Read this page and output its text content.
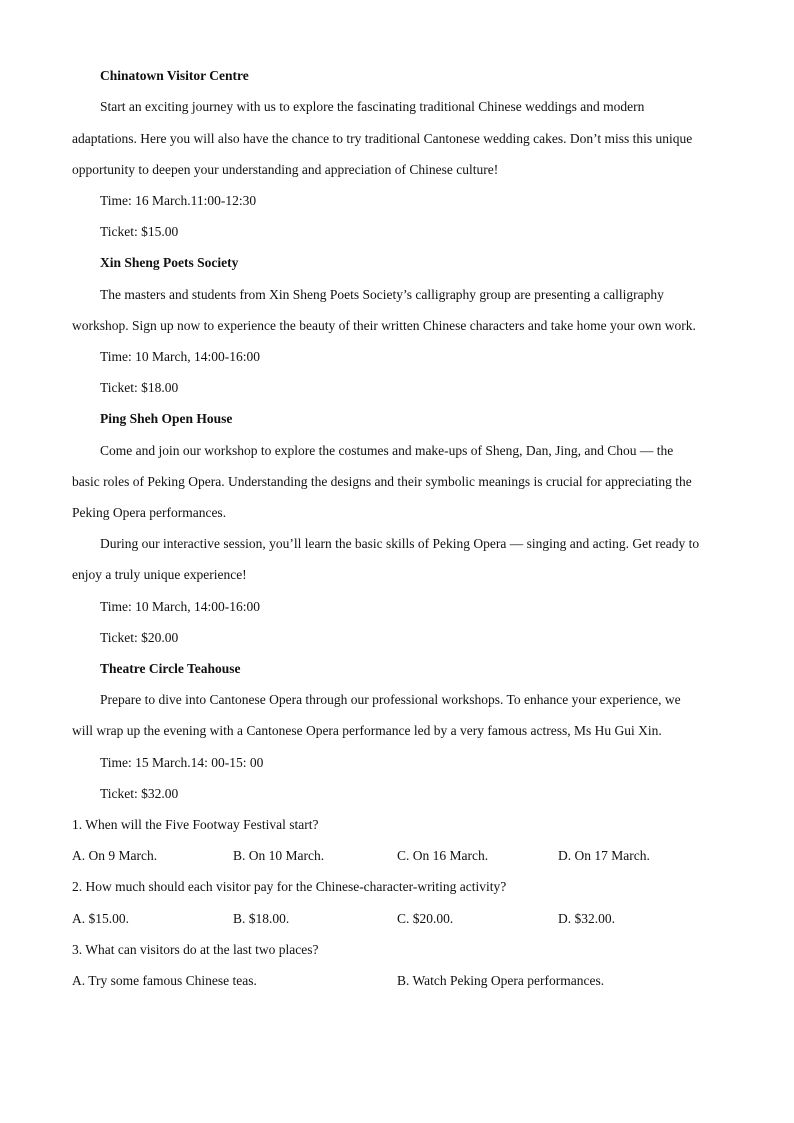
Chinatown Visitor Centre
Start an exciting journey with us to explore the fascinating traditional Chinese weddings and modern
adaptations. Here you will also have the chance to try traditional Cantonese wedding cakes. Don’t miss this unique
opportunity to deepen your understanding and appreciation of Chinese culture!
Time: 16 March.11:00-12:30
Ticket: $15.00
Xin Sheng Poets Society
The masters and students from Xin Sheng Poets Society’s calligraphy group are presenting a calligraphy
workshop. Sign up now to experience the beauty of their written Chinese characters and take home your own work.
Time: 10 March, 14:00-16:00
Ticket: $18.00
Ping Sheh Open House
Come and join our workshop to explore the costumes and make-ups of Sheng, Dan, Jing, and Chou — the
basic roles of Peking Opera. Understanding the designs and their symbolic meanings is crucial for appreciating the
Peking Opera performances.
During our interactive session, you’ll learn the basic skills of Peking Opera — singing and acting. Get ready to
enjoy a truly unique experience!
Time: 10 March, 14:00-16:00
Ticket: $20.00
Theatre Circle Teahouse
Prepare to dive into Cantonese Opera through our professional workshops. To enhance your experience, we
will wrap up the evening with a Cantonese Opera performance led by a very famous actress, Ms Hu Gui Xin.
Time: 15 March.14: 00-15: 00
Ticket: $32.00
1. When will the Five Footway Festival start?
A. On 9 March.	B. On 10 March.	C. On 16 March.	D. On 17 March.
2. How much should each visitor pay for the Chinese-character-writing activity?
A. $15.00.	B. $18.00.	C. $20.00.	D. $32.00.
3. What can visitors do at the last two places?
A. Try some famous Chinese teas.	B. Watch Peking Opera performances.
